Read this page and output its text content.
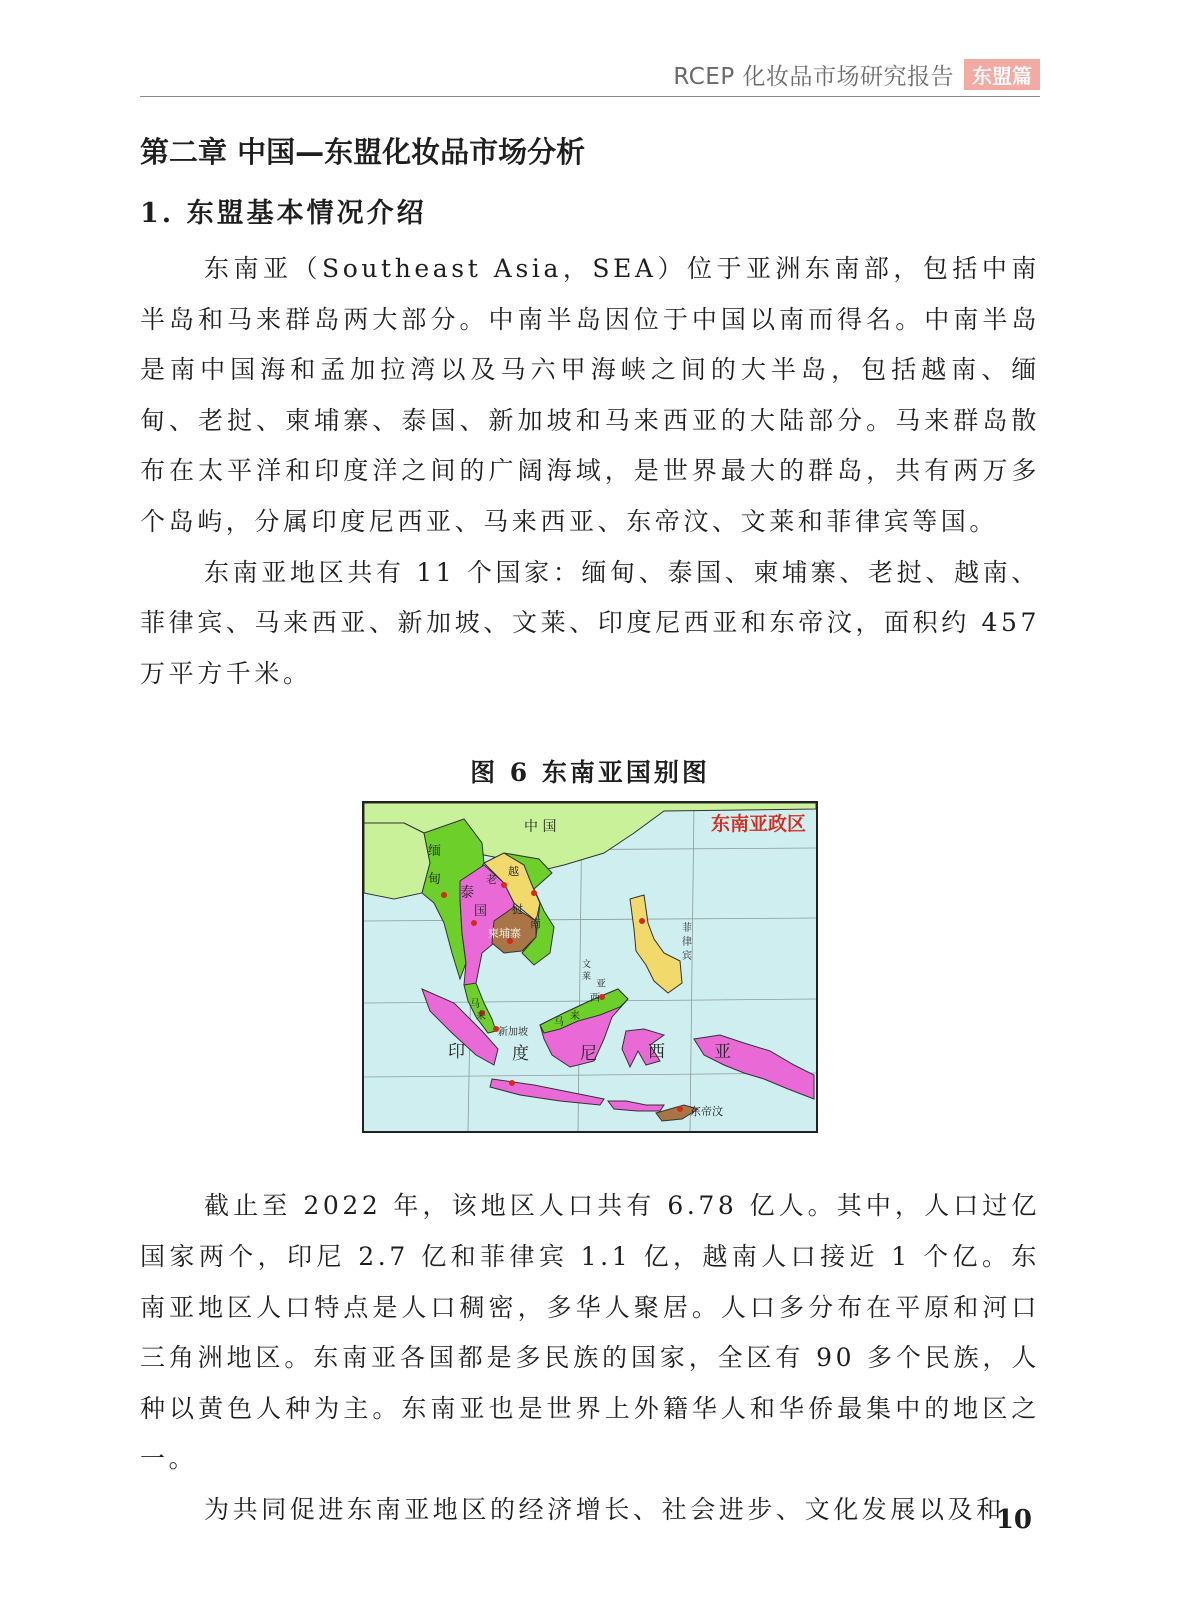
RCEP 化妆品市场研究报告 东盟篇
第二章 中国—东盟化妆品市场分析
1. 东盟基本情况介绍

东南亚（Southeast Asia，SEA）位于亚洲东南部，包括中南半岛和马来群岛两大部分。中南半岛因位于中国以南而得名。中南半岛是南中国海和孟加拉湾以及马六甲海峡之间的大半岛，包括越南、缅甸、老挝、柬埔寨、泰国、新加坡和马来西亚的大陆部分。马来群岛散布在太平洋和印度洋之间的广阔海域，是世界最大的群岛，共有两万多个岛屿，分属印度尼西亚、马来西亚、东帝汶、文莱和菲律宾等国。

东南亚地区共有 11 个国家：缅甸、泰国、柬埔寨、老挝、越南、菲律宾、马来西亚、新加坡、文莱、印度尼西亚和东帝汶，面积约 457 万平方千米。

图 6 东南亚国别图
中 国
缅
甸
泰
国
老
挝
越
南
柬埔寨	菲
律
宾
文
莱
马
来
马
来
西
亚
新加坡
印	度	尼	西	亚
东帝汶
东南亚政区

截止至 2022 年，该地区人口共有 6.78 亿人。其中，人口过亿国家两个，印尼 2.7 亿和菲律宾 1.1 亿，越南人口接近 1 个亿。东南亚地区人口特点是人口稠密，多华人聚居。人口多分布在平原和河口三角洲地区。东南亚各国都是多民族的国家，全区有 90 多个民族，人种以黄色人种为主。东南亚也是世界上外籍华人和华侨最集中的地区之一。

为共同促进东南亚地区的经济增长、社会进步、文化发展以及和

10
